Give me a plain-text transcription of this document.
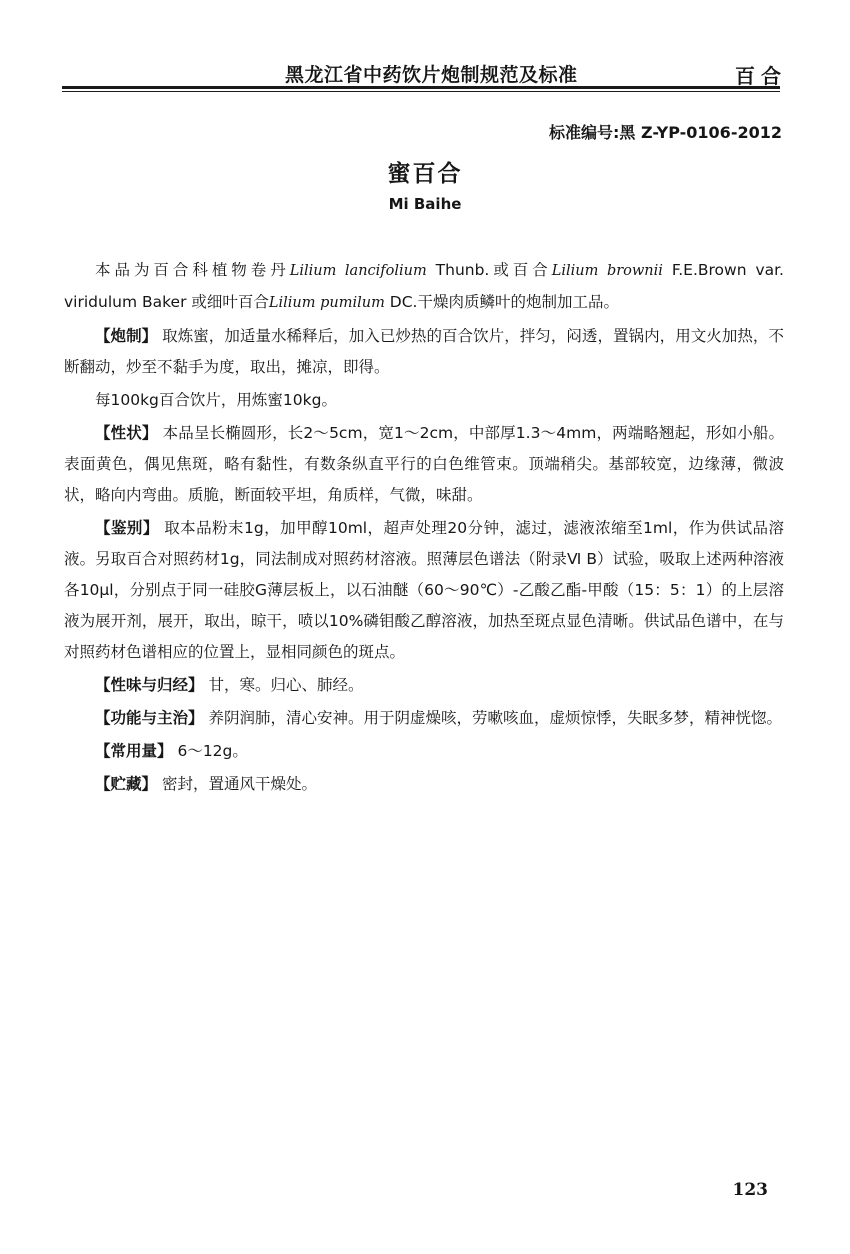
黑龙江省中药饮片炮制规范及标准	百合
标准编号:黑 Z-YP-0106-2012
蜜百合
Mi Baihe

本品为百合科植物卷丹Lilium lancifolium Thunb.或百合Lilium brownii F.E.Brown var. viridulum Baker 或细叶百合Lilium pumilum DC.干燥肉质鳞叶的炮制加工品。

【炮制】 取炼蜜，加适量水稀释后，加入已炒热的百合饮片，拌匀，闷透，置锅内，用文火加热，不断翻动，炒至不黏手为度，取出，摊凉，即得。

每100kg百合饮片，用炼蜜10kg。

【性状】 本品呈长椭圆形，长2～5cm，宽1～2cm，中部厚1.3～4mm，两端略翘起，形如小船。表面黄色，偶见焦斑，略有黏性，有数条纵直平行的白色维管束。顶端稍尖。基部较宽，边缘薄，微波状，略向内弯曲。质脆，断面较平坦，角质样，气微，味甜。

【鉴别】 取本品粉末1g，加甲醇10ml，超声处理20分钟，滤过，滤液浓缩至1ml，作为供试品溶液。另取百合对照药材1g，同法制成对照药材溶液。照薄层色谱法（附录Ⅵ B）试验，吸取上述两种溶液各10μl，分别点于同一硅胶G薄层板上，以石油醚（60～90℃）-乙酸乙酯-甲酸（15：5：1）的上层溶液为展开剂，展开，取出，晾干，喷以10%磷钼酸乙醇溶液，加热至斑点显色清晰。供试品色谱中，在与对照药材色谱相应的位置上，显相同颜色的斑点。

【性味与归经】 甘，寒。归心、肺经。

【功能与主治】 养阴润肺，清心安神。用于阴虚燥咳，劳嗽咳血，虚烦惊悸，失眠多梦，精神恍惚。

【常用量】 6～12g。

【贮藏】 密封，置通风干燥处。

123
